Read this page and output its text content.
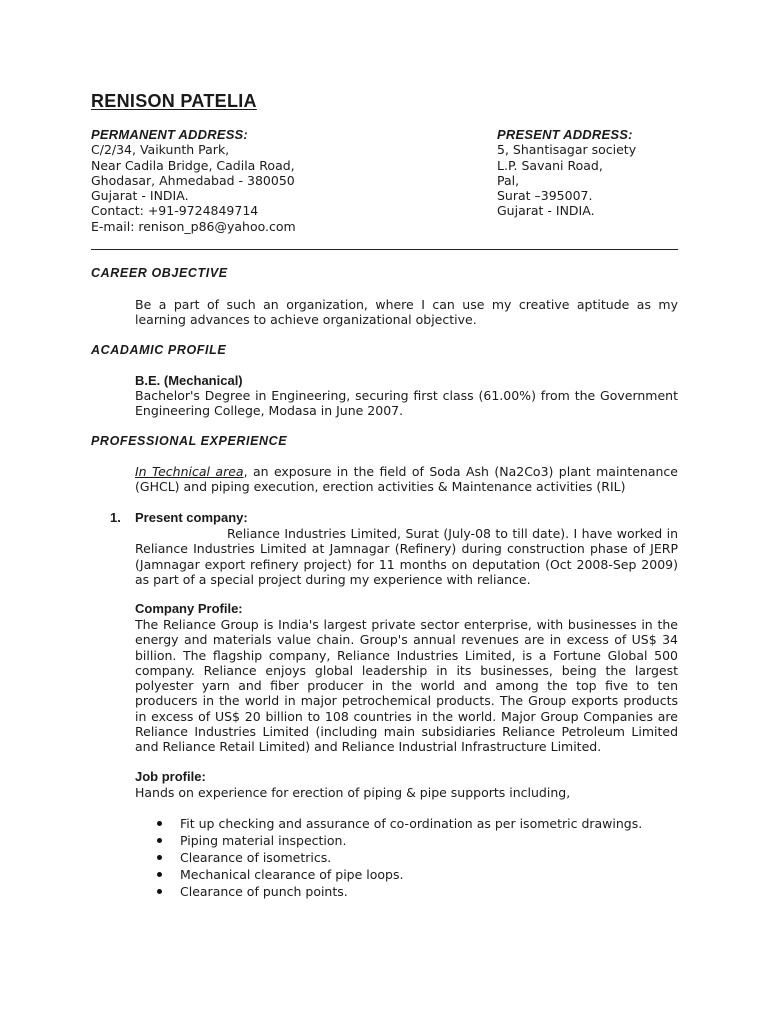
RENISON PATELIA
PERMANENT ADDRESS:
C/2/34, Vaikunth Park,
Near Cadila Bridge, Cadila Road,
Ghodasar, Ahmedabad - 380050
Gujarat - INDIA.
Contact: +91-9724849714
E-mail: renison_p86@yahoo.com
PRESENT ADDRESS:
5, Shantisagar society
L.P. Savani Road,
Pal,
Surat –395007.
Gujarat - INDIA.
CAREER OBJECTIVE

Be a part of such an organization, where I can use my creative aptitude as my learning advances to achieve organizational objective.

ACADAMIC PROFILE
B.E. (Mechanical)

Bachelor's Degree in Engineering, securing first class (61.00%) from the Government Engineering College, Modasa in June 2007.

PROFESSIONAL EXPERIENCE

In Technical area, an exposure in the field of Soda Ash (Na2Co3) plant maintenance (GHCL) and piping execution, erection activities & Maintenance activities (RIL)

1. Present company:

Reliance Industries Limited, Surat (July-08 to till date). I have worked in Reliance Industries Limited at Jamnagar (Refinery) during construction phase of JERP (Jamnagar export refinery project) for 11 months on deputation (Oct 2008-Sep 2009) as part of a special project during my experience with reliance.

Company Profile:

The Reliance Group is India's largest private sector enterprise, with businesses in the energy and materials value chain. Group's annual revenues are in excess of US$ 34 billion. The flagship company, Reliance Industries Limited, is a Fortune Global 500 company. Reliance enjoys global leadership in its businesses, being the largest polyester yarn and fiber producer in the world and among the top five to ten producers in the world in major petrochemical products. The Group exports products in excess of US$ 20 billion to 108 countries in the world. Major Group Companies are Reliance Industries Limited (including main subsidiaries Reliance Petroleum Limited and Reliance Retail Limited) and Reliance Industrial Infrastructure Limited.

Job profile:

Hands on experience for erection of piping & pipe supports including,

Fit up checking and assurance of co-ordination as per isometric drawings.
Piping material inspection.
Clearance of isometrics.
Mechanical clearance of pipe loops.
Clearance of punch points.
